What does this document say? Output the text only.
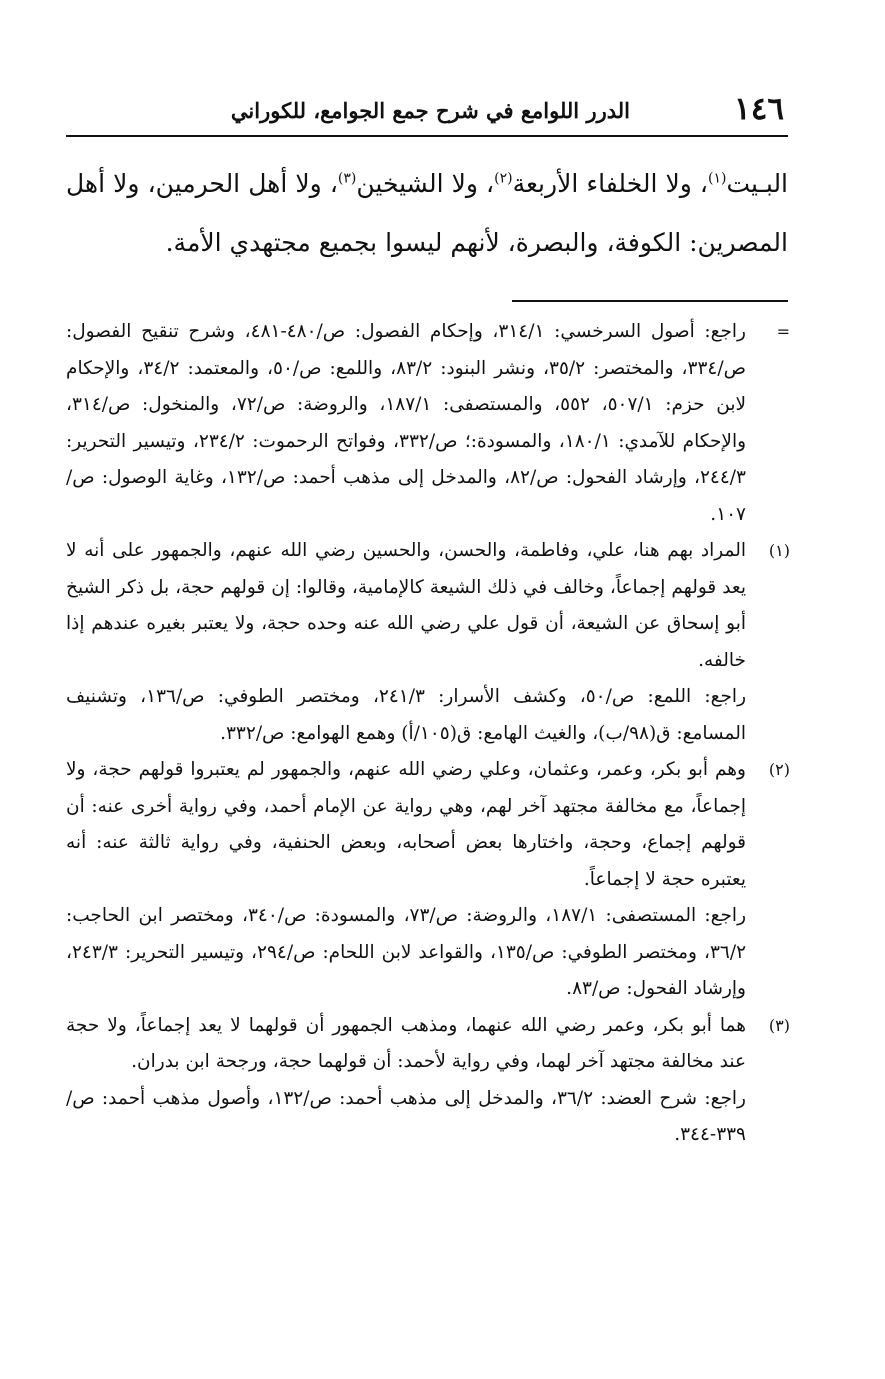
١٤٦
الدرر اللوامع في شرح جمع الجوامع، للكوراني

البـيت$^{(١)}$، ولا الخلفاء الأربعة$^{(٢)}$، ولا الشيخين$^{(٣)}$، ولا أهل الحرمين، ولا أهل المصرين: الكوفة، والبصرة، لأنهم ليسوا بجميع مجتهدي الأمة.

=
راجع: أصول السرخسي: ٣١٤/١، وإحكام الفصول: ص/٤٨٠-٤٨١، وشرح تنقيح الفصول: ص/٣٣٤، والمختصر: ٣٥/٢، ونشر البنود: ٨٣/٢، واللمع: ص/٥٠، والمعتمد: ٣٤/٢، والإحكام لابن حزم: ٥٠٧/١، ٥٥٢، والمستصفى: ١٨٧/١، والروضة: ص/٧٢، والمنخول: ص/٣١٤، والإحكام للآمدي: ١٨٠/١، والمسودة:؛ ص/٣٣٢، وفواتح الرحموت: ٢٣٤/٢، وتيسير التحرير: ٢٤٤/٣، وإرشاد الفحول: ص/٨٢، والمدخل إلى مذهب أحمد: ص/١٣٢، وغاية الوصول: ص/١٠٧.

(١)
المراد بهم هنا، علي، وفاطمة، والحسن، والحسين رضي الله عنهم، والجمهور على أنه لا يعد قولهم إجماعاً، وخالف في ذلك الشيعة كالإمامية، وقالوا: إن قولهم حجة، بل ذكر الشيخ أبو إسحاق عن الشيعة، أن قول علي رضي الله عنه وحده حجة، ولا يعتبر بغيره عندهم إذا خالفه.

راجع: اللمع: ص/٥٠، وكشف الأسرار: ٢٤١/٣، ومختصر الطوفي: ص/١٣٦، وتشنيف المسامع: ق(٩٨/ب)، والغيث الهامع: ق(١٠٥/أ) وهمع الهوامع: ص/٣٣٢.

(٢)
وهم أبو بكر، وعمر، وعثمان، وعلي رضي الله عنهم، والجمهور لم يعتبروا قولهم حجة، ولا إجماعاً، مع مخالفة مجتهد آخر لهم، وهي رواية عن الإمام أحمد، وفي رواية أخرى عنه: أن قولهم إجماع، وحجة، واختارها بعض أصحابه، وبعض الحنفية، وفي رواية ثالثة عنه: أنه يعتبره حجة لا إجماعاً.

راجع: المستصفى: ١٨٧/١، والروضة: ص/٧٣، والمسودة: ص/٣٤٠، ومختصر ابن الحاجب: ٣٦/٢، ومختصر الطوفي: ص/١٣٥، والقواعد لابن اللحام: ص/٢٩٤، وتيسير التحرير: ٢٤٣/٣، وإرشاد الفحول: ص/٨٣.

(٣)
هما أبو بكر، وعمر رضي الله عنهما، ومذهب الجمهور أن قولهما لا يعد إجماعاً، ولا حجة عند مخالفة مجتهد آخر لهما، وفي رواية لأحمد: أن قولهما حجة، ورجحة ابن بدران.

راجع: شرح العضد: ٣٦/٢، والمدخل إلى مذهب أحمد: ص/١٣٢، وأصول مذهب أحمد: ص/٣٣٩-٣٤٤.
